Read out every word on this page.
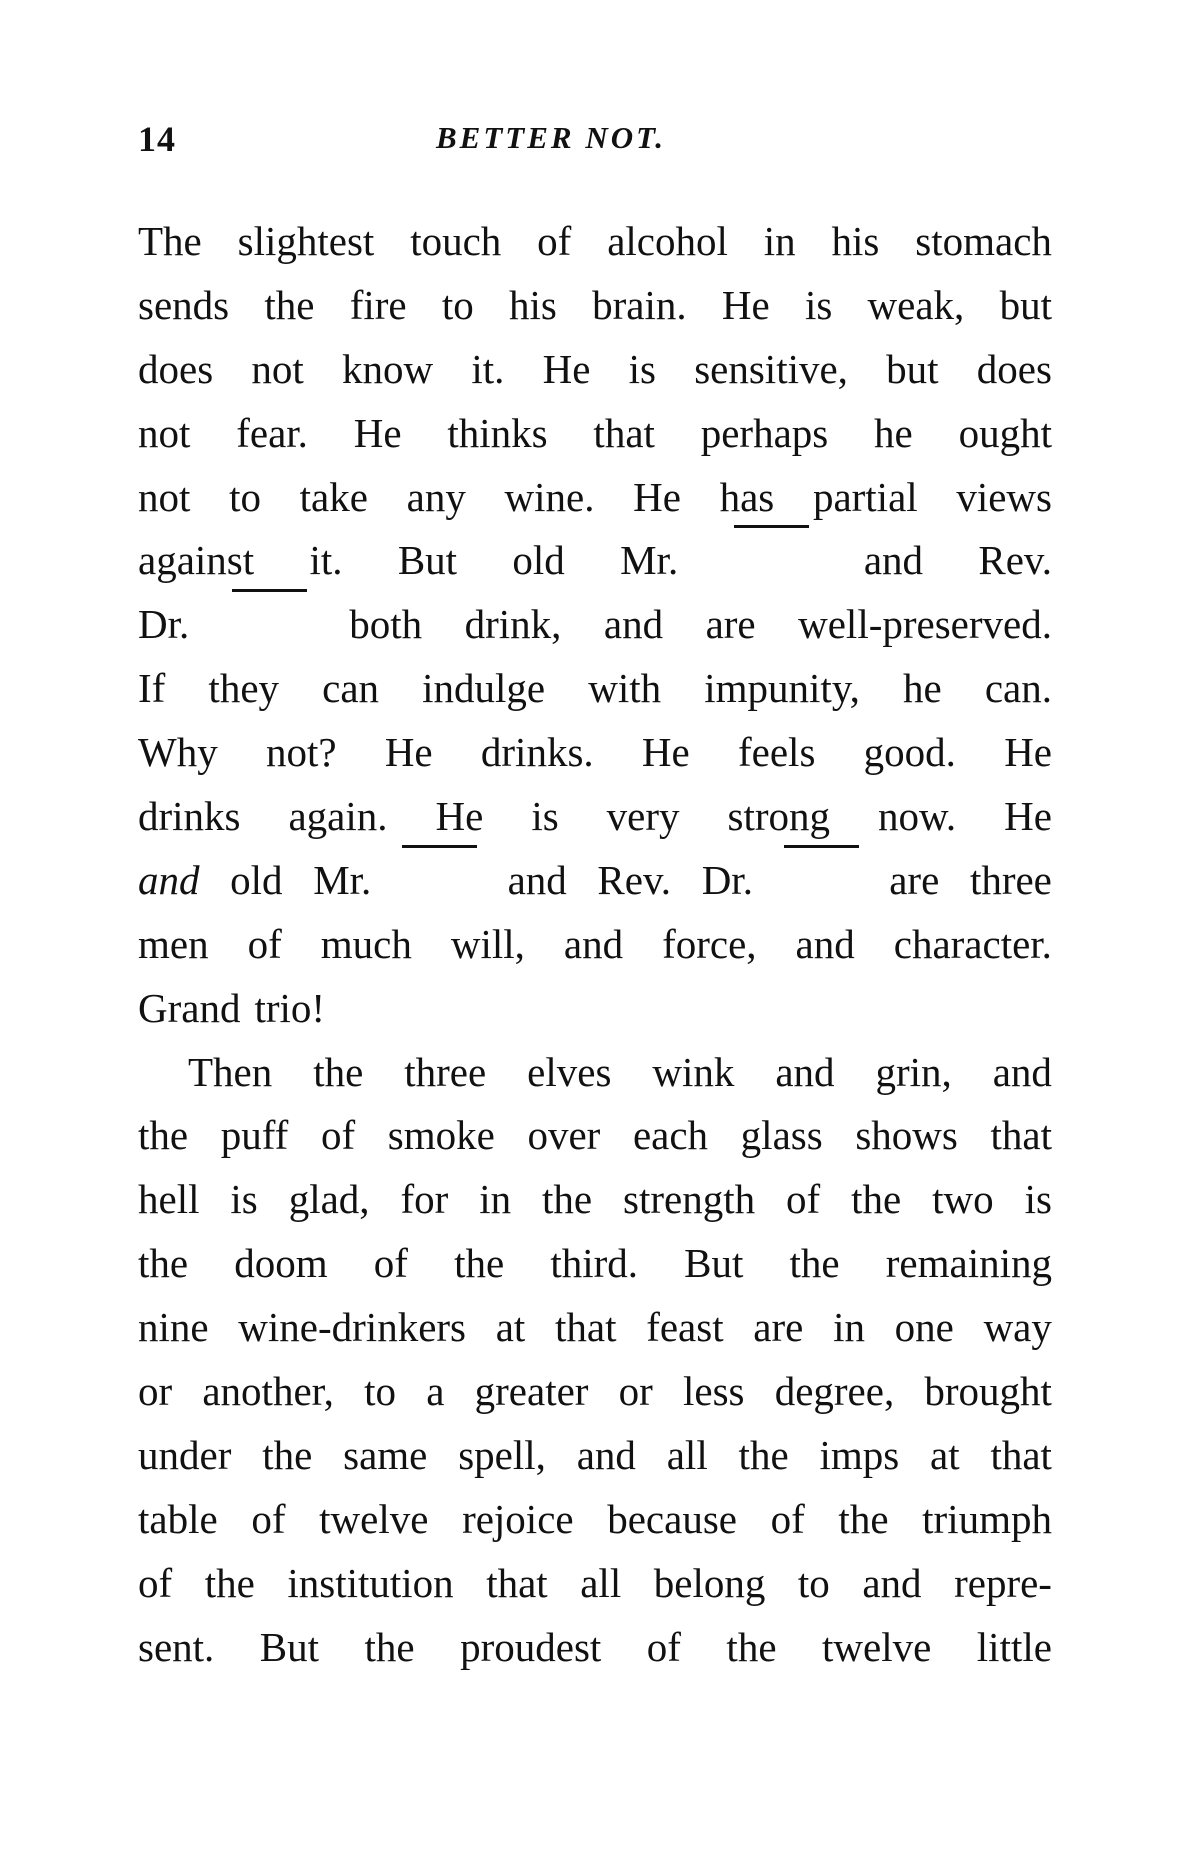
14	BETTER NOT.
The slightest touch of alcohol in his stomach
sends the fire to his brain. He is weak, but
does not know it. He is sensitive, but does
not fear. He thinks that perhaps he ought
not to take any wine. He has partial views
against it. But old Mr.	and Rev.
Dr.	both drink, and are well-preserved.
If they can indulge with impunity, he can.
Why not? He drinks. He feels good. He
drinks again. He is very strong now. He
and old Mr.	and Rev. Dr.	are three
men of much will, and force, and character.
Grand trio!
Then the three elves wink and grin, and
the puff of smoke over each glass shows that
hell is glad, for in the strength of the two is
the doom of the third. But the remaining
nine wine-drinkers at that feast are in one way
or another, to a greater or less degree, brought
under the same spell, and all the imps at that
table of twelve rejoice because of the triumph
of the institution that all belong to and repre-
sent. But the proudest of the twelve little
